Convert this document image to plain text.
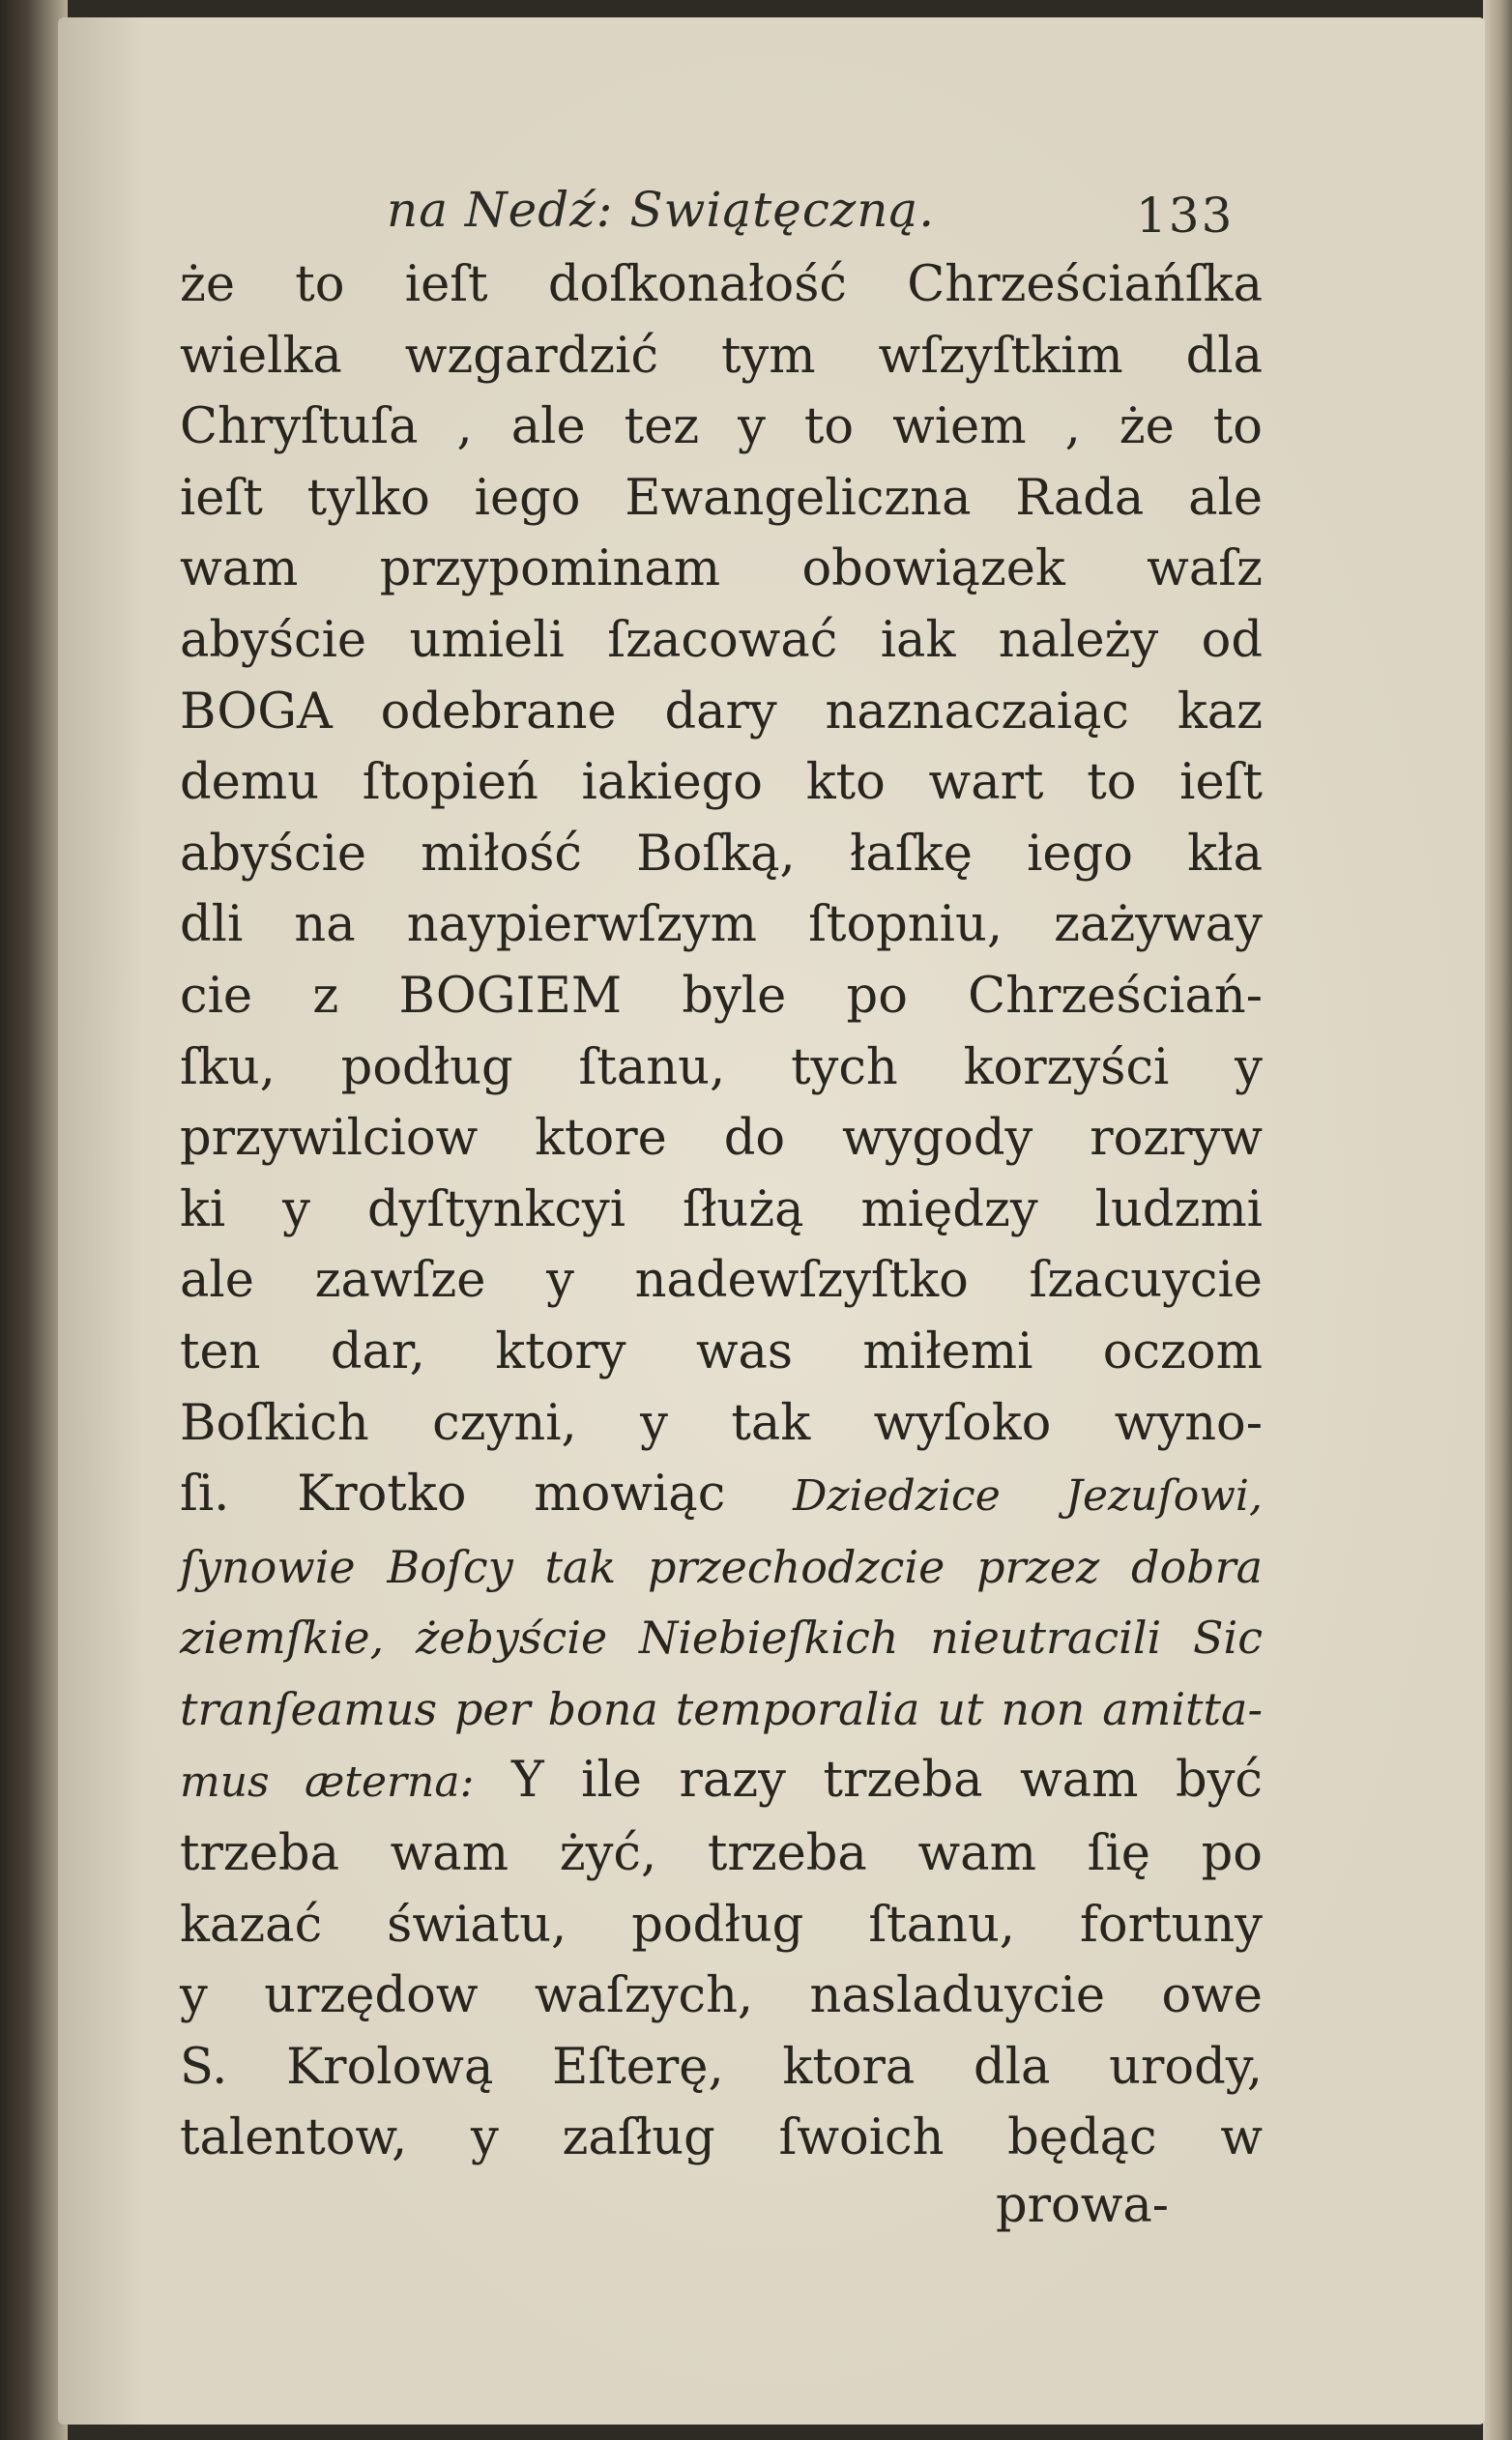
na Nedź: Swiątęczną.	133
że to ieſt doſkonałość Chrześciańſka
wielka wzgardzić tym wſzyſtkim dla
Chryſtuſa , ale tez y to wiem , że to
ieſt tylko iego Ewangeliczna Rada ale
wam przypominam obowiązek waſz
abyście umieli ſzacować iak należy od
BOGA odebrane dary naznaczaiąc kaz
demu ſtopień iakiego kto wart to ieſt
abyście miłość Boſką, łaſkę iego kła
dli na naypierwſzym ſtopniu, zażyway
cie z BOGIEM byle po Chrześciań-
ſku, podług ſtanu, tych korzyści y
przywilciow ktore do wygody rozryw
ki y dyſtynkcyi ſłużą między ludzmi
ale zawſze y nadewſzyſtko ſzacuycie
ten dar, ktory was miłemi oczom
Boſkich czyni, y tak wyſoko wyno-
ſi. Krotko mowiąc Dziedzice Jezuſowi,
ſynowie Boſcy tak przechodzcie przez dobra
ziemſkie, żebyście Niebieſkich nieutracili Sic
tranſeamus per bona temporalia ut non amitta-
mus æterna: Y ile razy trzeba wam być
trzeba wam żyć, trzeba wam ſię po
kazać światu, podług ſtanu, fortuny
y urzędow waſzych, nasladuycie owe
S. Krolową Eſterę, ktora dla urody,
talentow, y zaſług ſwoich będąc w
prowa-
